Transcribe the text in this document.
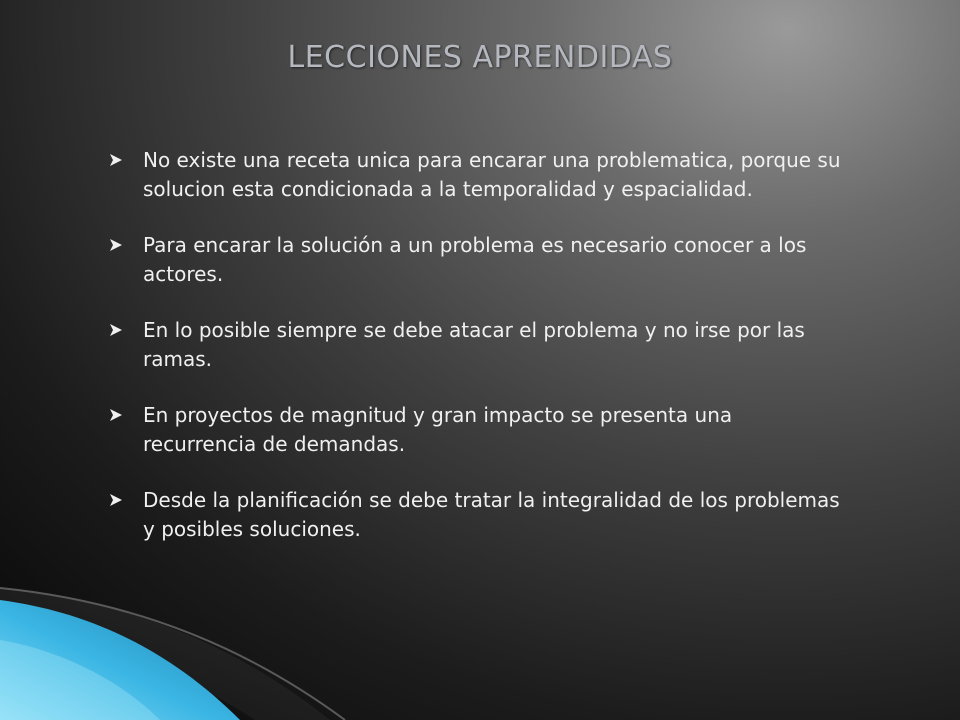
LECCIONES APRENDIDAS
No existe una receta unica para encarar una problematica, porque su solucion esta condicionada a la temporalidad y espacialidad.
Para encarar la solución a un problema es necesario conocer a los actores.
En lo posible siempre se debe atacar el problema y no irse por las ramas.
En proyectos de magnitud y gran impacto se presenta una recurrencia de demandas.
Desde la planificación se debe tratar la integralidad de los problemas y posibles soluciones.
